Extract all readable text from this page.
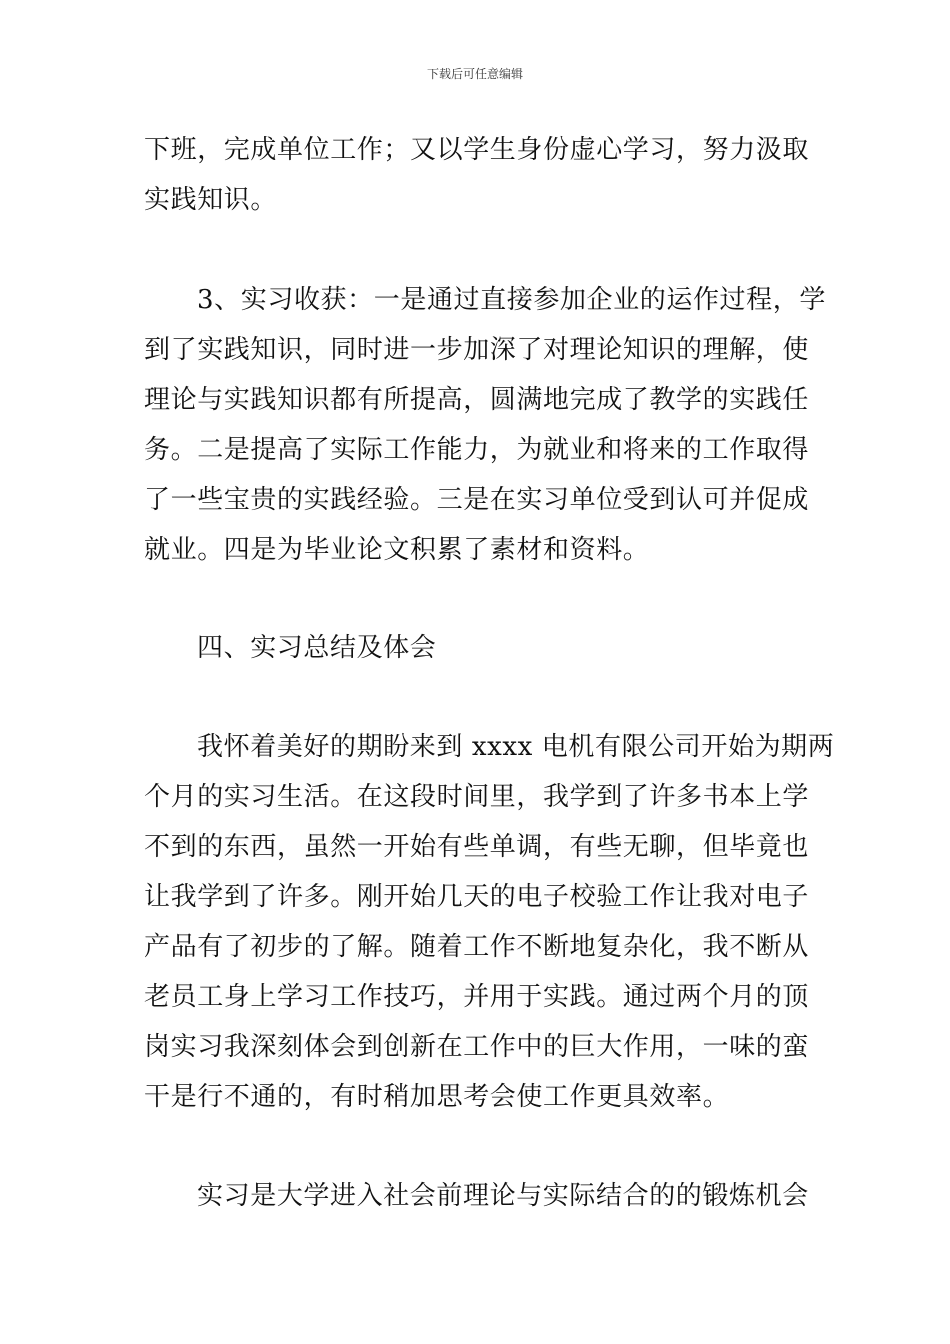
下载后可任意编辑
下班，完成单位工作；又以学生身份虚心学习，努力汲取
实践知识。
3、实习收获：一是通过直接参加企业的运作过程，学
到了实践知识，同时进一步加深了对理论知识的理解，使
理论与实践知识都有所提高，圆满地完成了教学的实践任
务。二是提高了实际工作能力，为就业和将来的工作取得
了一些宝贵的实践经验。三是在实习单位受到认可并促成
就业。四是为毕业论文积累了素材和资料。
四、实习总结及体会
我怀着美好的期盼来到 xxxx 电机有限公司开始为期两
个月的实习生活。在这段时间里，我学到了许多书本上学
不到的东西，虽然一开始有些单调，有些无聊，但毕竟也
让我学到了许多。刚开始几天的电子校验工作让我对电子
产品有了初步的了解。随着工作不断地复杂化，我不断从
老员工身上学习工作技巧，并用于实践。通过两个月的顶
岗实习我深刻体会到创新在工作中的巨大作用，一味的蛮
干是行不通的，有时稍加思考会使工作更具效率。
实习是大学进入社会前理论与实际结合的的锻炼机会
